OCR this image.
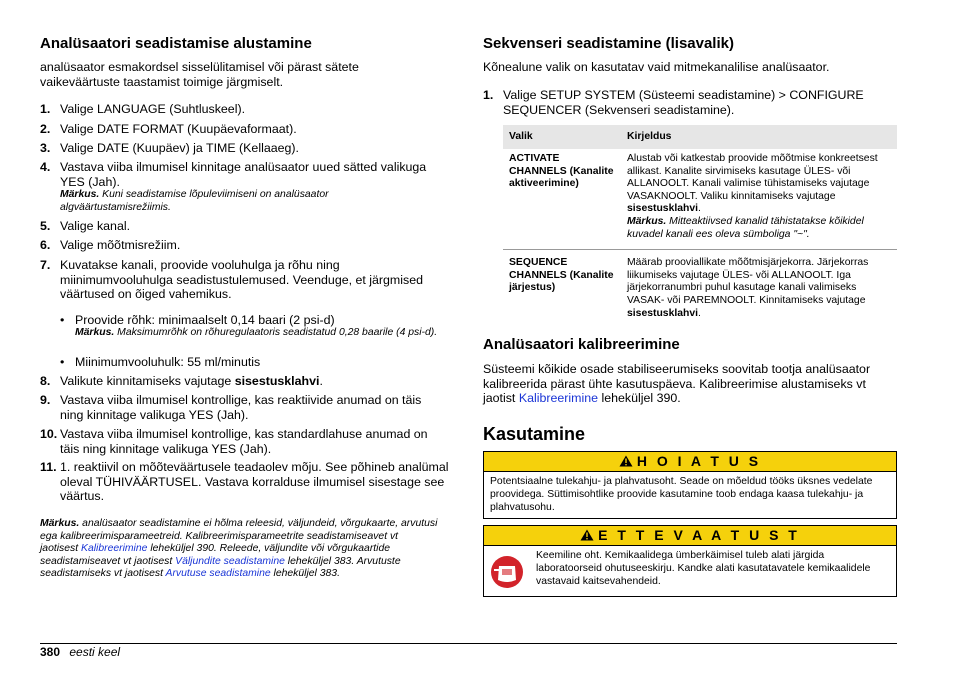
Analüsaatori seadistamise alustamine

analüsaator esmakordsel sisselülitamisel või pärast sätete vaikeväärtuste taastamist toimige järgmiselt.

1. Valige LANGUAGE (Suhtluskeel).
2. Valige DATE FORMAT (Kuupäevaformaat).
3. Valige DATE (Kuupäev) ja TIME (Kellaaeg).
4. Vastava viiba ilmumisel kinnitage analüsaator uued sätted valikuga YES (Jah).
Märkus. Kuni seadistamise lõpuleviimiseni on analüsaator algväärtustamisrežiimis.
5. Valige kanal.
6. Valige mõõtmisrežiim.
7. Kuvatakse kanali, proovide vooluhulga ja rõhu ning miinimumvooluhulga seadistustulemused. Veenduge, et järgmised väärtused on õiged vahemikus.
• Proovide rõhk: minimaalselt 0,14 baari (2 psi-d)
Märkus. Maksimumrõhk on rõhuregulaatoris seadistatud 0,28 baarile (4 psi-d).
• Miinimumvooluhulk: 55 ml/minutis
8. Valikute kinnitamiseks vajutage sisestusklahvi.
9. Vastava viiba ilmumisel kontrollige, kas reaktiivide anumad on täis ning kinnitage valikuga YES (Jah).
10. Vastava viiba ilmumisel kontrollige, kas standardlahuse anumad on täis ning kinnitage valikuga YES (Jah).
11. 1. reaktiivil on mõõteväärtusele teadaolev mõju. See põhineb analümal oleval TÜHIVÄÄRTUSEL. Vastava korralduse ilmumisel sisestage see väärtus.
Märkus. analüsaator seadistamine ei hõlma releesid, väljundeid, võrgukaarte, arvutusi ega kalibreerimisparameetreid. Kalibreerimisparameetrite seadistamiseavet vt jaotisest Kalibreerimine leheküljel 390. Releede, väljundite või võrgukaartide seadistamiseavet vt jaotisest Väljundite seadistamine leheküljel 383. Arvutuste seadistamiseks vt jaotisest Arvutuse seadistamine leheküljel 383.
Sekvenseri seadistamine (lisavalik)

Kõnealune valik on kasutatav vaid mitmekanalilise analüsaator.

1. Valige SETUP SYSTEM (Süsteemi seadistamine) > CONFIGURE SEQUENCER (Sekvenseri seadistamine).
Valik	Kirjeldus
ACTIVATE CHANNELS (Kanalite aktiveerimine)	Alustab või katkestab proovide mõõtmise konkreetsest allikast. Kanalite sirvimiseks kasutage ÜLES- või ALLANOOLT. Kanali valimise tühistamiseks vajutage VASAKNOOLT. Valiku kinnitamiseks vajutage sisestusklahvi.
Märkus. Mitteaktiivsed kanalid tähistatakse kõikidel kuvadel kanali ees oleva sümboliga "~".
SEQUENCE CHANNELS (Kanalite järjestus)	Määrab prooviallikate mõõtmisjärjekorra. Järjekorras liikumiseks vajutage ÜLES- või ALLANOOLT. Iga järjekorranumbri puhul kasutage kanali valimiseks VASAK- või PAREMNOOLT. Kinnitamiseks vajutage sisestusklahvi.
Analüsaatori kalibreerimine

Süsteemi kõikide osade stabiliseerumiseks soovitab tootja analüsaator kalibreerida pärast ühte kasutuspäeva. Kalibreerimise alustamiseks vt jaotist Kalibreerimine leheküljel 390.

Kasutamine
H O I A T U S
Potentsiaalne tulekahju- ja plahvatusoht. Seade on mõeldud tööks üksnes vedelate proovidega. Süttimisohtlike proovide kasutamine toob endaga kaasa tulekahju- ja plahvatusohu.
E T T E V A A T U S T
Keemiline oht. Kemikaalidega ümberkäimisel tuleb alati järgida laboratoorseid ohutuseeskirju. Kandke alati kasutatavatele kemikaalidele vastavaid kaitsevahendeid.
380 eesti keel
